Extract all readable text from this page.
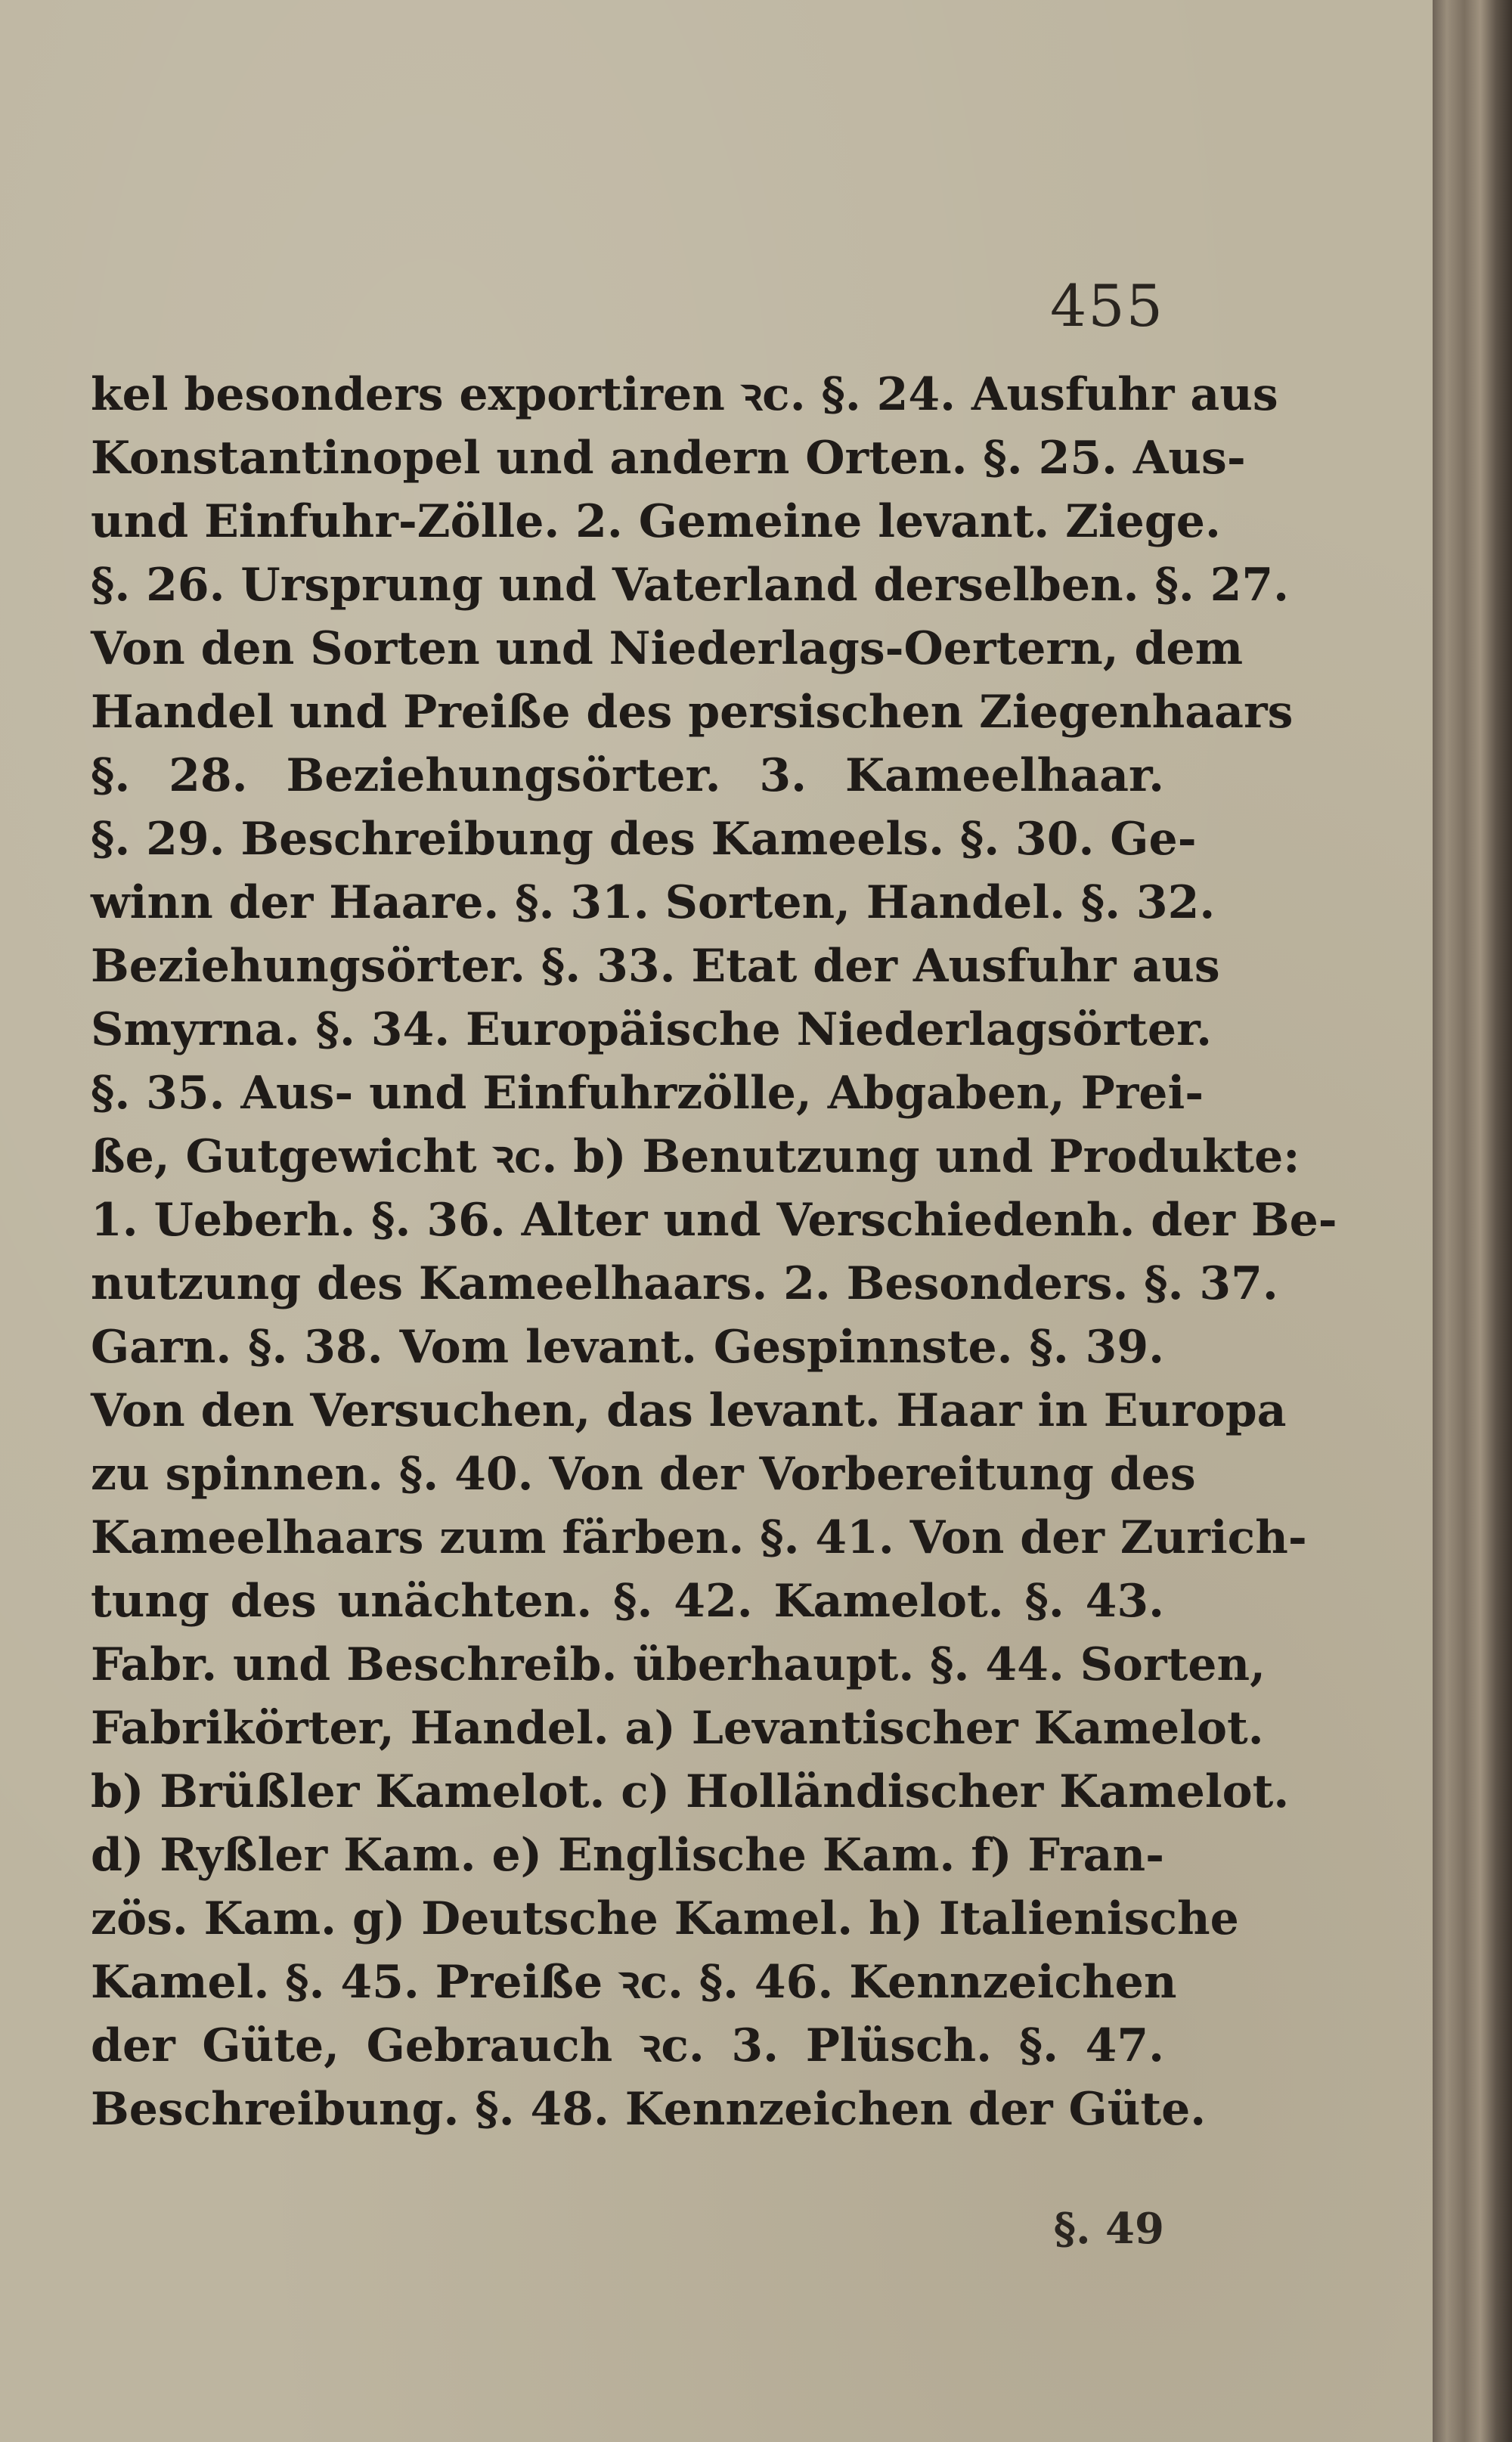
455
kel besonders exportiren ꝛc. §. 24. Ausfuhr aus
Konstantinopel und andern Orten. §. 25. Aus-
und Einfuhr-Zölle. 2. Gemeine levant. Ziege.
§. 26. Ursprung und Vaterland derselben. §. 27.
Von den Sorten und Niederlags-Oertern, dem
Handel und Preiße des persischen Ziegenhaars
§. 28. Beziehungsörter. 3. Kameelhaar.
§. 29. Beschreibung des Kameels. §. 30. Ge-
winn der Haare. §. 31. Sorten, Handel. §. 32.
Beziehungsörter. §. 33. Etat der Ausfuhr aus
Smyrna. §. 34. Europäische Niederlagsörter.
§. 35. Aus- und Einfuhrzölle, Abgaben, Prei-
ße, Gutgewicht ꝛc. b) Benutzung und Produkte:
1. Ueberh. §. 36. Alter und Verschiedenh. der Be-
nutzung des Kameelhaars. 2. Besonders. §. 37.
Garn. §. 38. Vom levant. Gespinnste. §. 39.
Von den Versuchen, das levant. Haar in Europa
zu spinnen. §. 40. Von der Vorbereitung des
Kameelhaars zum färben. §. 41. Von der Zurich-
tung des unächten. §. 42. Kamelot. §. 43.
Fabr. und Beschreib. überhaupt. §. 44. Sorten,
Fabrikörter, Handel. a) Levantischer Kamelot.
b) Brüßler Kamelot. c) Holländischer Kamelot.
d) Ryßler Kam. e) Englische Kam. f) Fran-
zös. Kam. g) Deutsche Kamel. h) Italienische
Kamel. §. 45. Preiße ꝛc. §. 46. Kennzeichen
der Güte, Gebrauch ꝛc. 3. Plüsch. §. 47.
Beschreibung. §. 48. Kennzeichen der Güte.
§. 49
